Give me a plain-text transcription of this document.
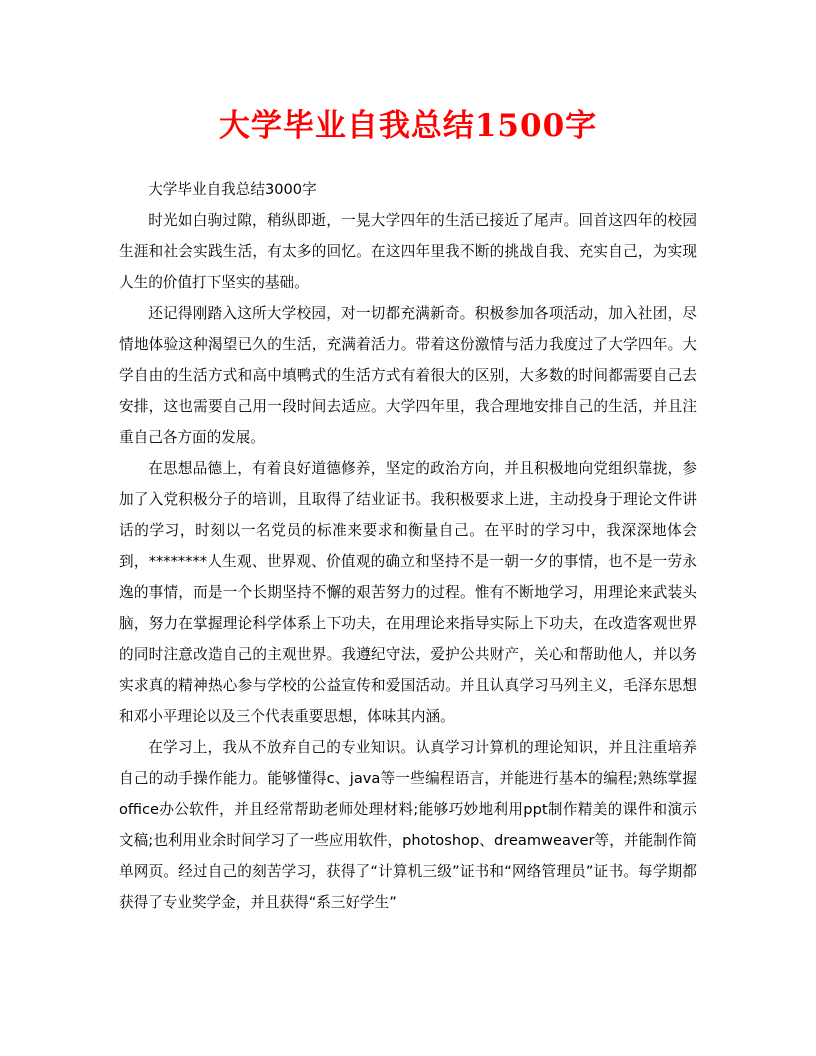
大学毕业自我总结1500字

大学毕业自我总结3000字

时光如白驹过隙，稍纵即逝，一晃大学四年的生活已接近了尾声。回首这四年的校园生涯和社会实践生活，有太多的回忆。在这四年里我不断的挑战自我、充实自己，为实现人生的价值打下坚实的基础。

还记得刚踏入这所大学校园，对一切都充满新奇。积极参加各项活动，加入社团，尽情地体验这种渴望已久的生活，充满着活力。带着这份激情与活力我度过了大学四年。大学自由的生活方式和高中填鸭式的生活方式有着很大的区别，大多数的时间都需要自己去安排，这也需要自己用一段时间去适应。大学四年里，我合理地安排自己的生活，并且注重自己各方面的发展。

在思想品德上，有着良好道德修养，坚定的政治方向，并且积极地向党组织靠拢，参加了入党积极分子的培训，且取得了结业证书。我积极要求上进，主动投身于理论文件讲话的学习，时刻以一名党员的标准来要求和衡量自己。在平时的学习中，我深深地体会到，********人生观、世界观、价值观的确立和坚持不是一朝一夕的事情，也不是一劳永逸的事情，而是一个长期坚持不懈的艰苦努力的过程。惟有不断地学习，用理论来武装头脑，努力在掌握理论科学体系上下功夫，在用理论来指导实际上下功夫，在改造客观世界的同时注意改造自己的主观世界。我遵纪守法，爱护公共财产，关心和帮助他人，并以务实求真的精神热心参与学校的公益宣传和爱国活动。并且认真学习马列主义，毛泽东思想和邓小平理论以及三个代表重要思想，体味其内涵。

在学习上，我从不放弃自己的专业知识。认真学习计算机的理论知识，并且注重培养自己的动手操作能力。能够懂得c、java等一些编程语言，并能进行基本的编程;熟练掌握office办公软件，并且经常帮助老师处理材料;能够巧妙地利用ppt制作精美的课件和演示文稿;也利用业余时间学习了一些应用软件，photoshop、dreamweaver等，并能制作简单网页。经过自己的刻苦学习，获得了“计算机三级”证书和“网络管理员”证书。每学期都获得了专业奖学金，并且获得“系三好学生”
